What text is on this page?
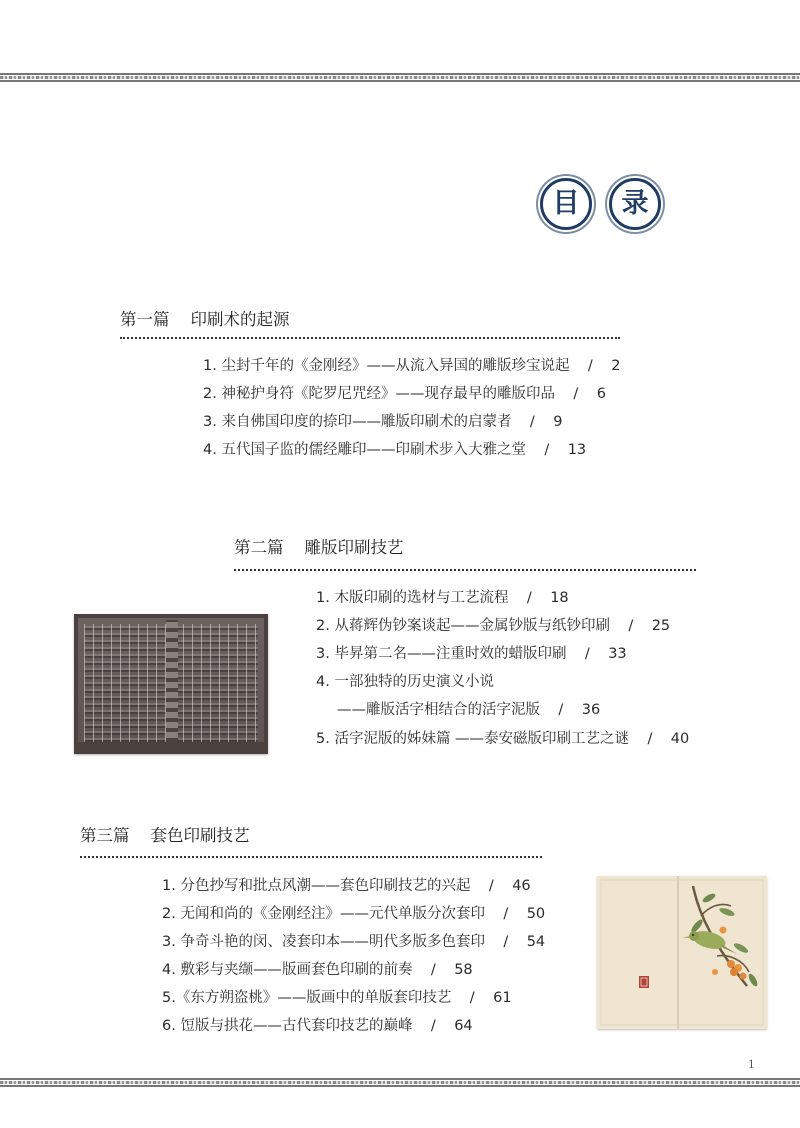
目	录
第一篇    印刷术的起源
1. 尘封千年的《金刚经》——从流入异国的雕版珍宝说起    /    2
2. 神秘护身符《陀罗尼咒经》——现存最早的雕版印品    /    6
3. 来自佛国印度的捺印——雕版印刷术的启蒙者    /    9
4. 五代国子监的儒经雕印——印刷术步入大雅之堂    /    13
第二篇    雕版印刷技艺
1. 木版印刷的选材与工艺流程    /    18
2. 从蒋辉伪钞案谈起——金属钞版与纸钞印刷    /    25
3. 毕昇第二名——注重时效的蜡版印刷    /    33
4. 一部独特的历史演义小说
——雕版活字相结合的活字泥版    /    36
5. 活字泥版的姊妹篇 ——泰安磁版印刷工艺之谜    /    40
第三篇    套色印刷技艺
1. 分色抄写和批点风潮——套色印刷技艺的兴起    /    46
2. 无闻和尚的《金刚经注》——元代单版分次套印    /    50
3. 争奇斗艳的闵、凌套印本——明代多版多色套印    /    54
4. 敷彩与夹缬——版画套色印刷的前奏    /    58
5.《东方朔盗桃》——版画中的单版套印技艺    /    61
6. 饾版与拱花——古代套印技艺的巅峰    /    64
1
